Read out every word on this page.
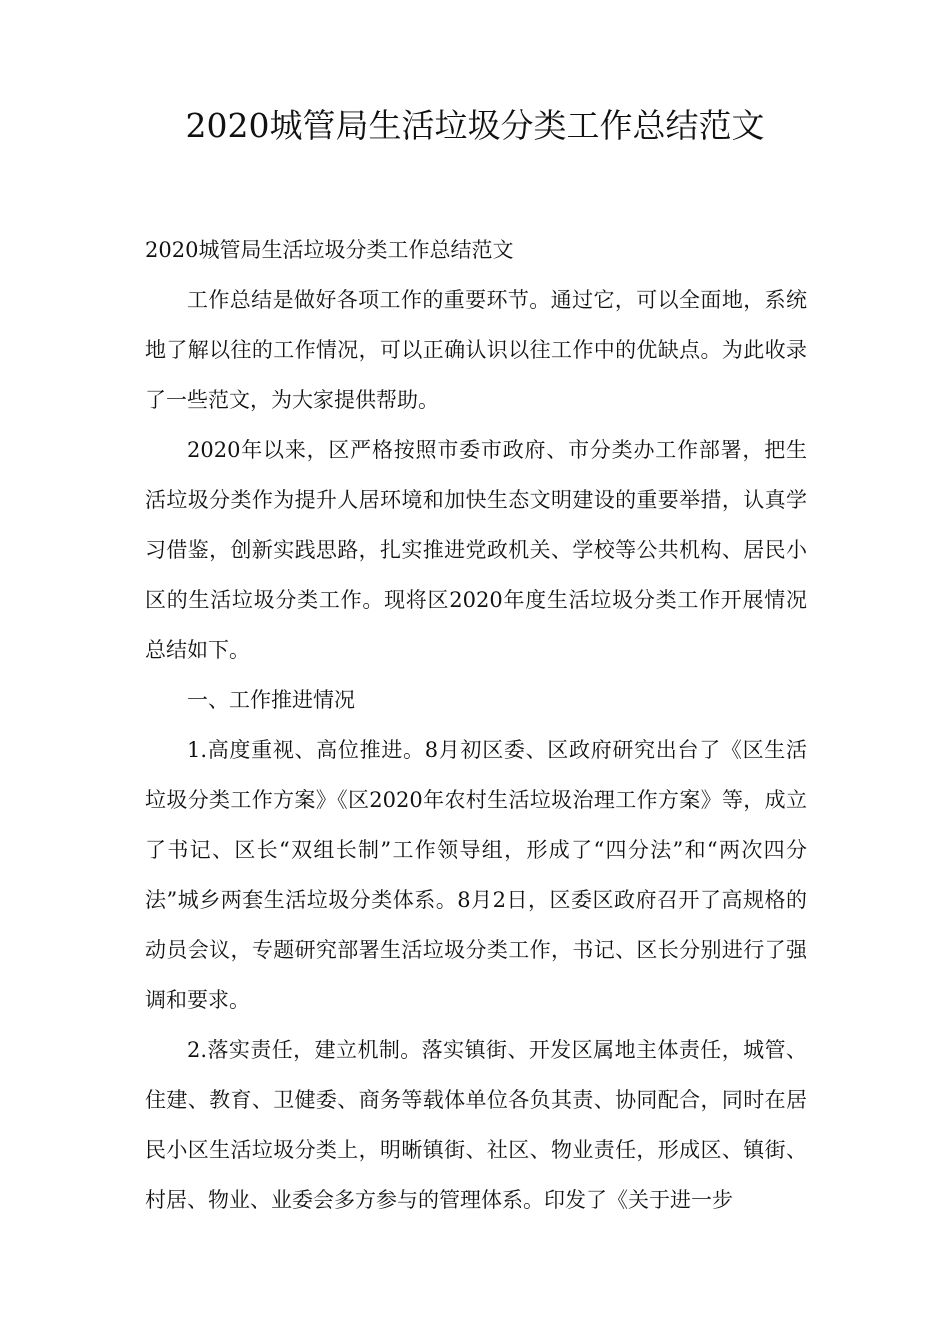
2020城管局生活垃圾分类工作总结范文

2020城管局生活垃圾分类工作总结范文

工作总结是做好各项工作的重要环节。通过它，可以全面地，系统地了解以往的工作情况，可以正确认识以往工作中的优缺点。为此收录了一些范文，为大家提供帮助。

2020年以来，区严格按照市委市政府、市分类办工作部署，把生活垃圾分类作为提升人居环境和加快生态文明建设的重要举措，认真学习借鉴，创新实践思路，扎实推进党政机关、学校等公共机构、居民小区的生活垃圾分类工作。现将区2020年度生活垃圾分类工作开展情况总结如下。

一、工作推进情况

1.高度重视、高位推进。8月初区委、区政府研究出台了《区生活垃圾分类工作方案》《区2020年农村生活垃圾治理工作方案》等，成立了书记、区长“双组长制”工作领导组，形成了“四分法”和“两次四分法”城乡两套生活垃圾分类体系。8月2日，区委区政府召开了高规格的动员会议，专题研究部署生活垃圾分类工作，书记、区长分别进行了强调和要求。

2.落实责任，建立机制。落实镇街、开发区属地主体责任，城管、住建、教育、卫健委、商务等载体单位各负其责、协同配合，同时在居民小区生活垃圾分类上，明晰镇街、社区、物业责任，形成区、镇街、村居、物业、业委会多方参与的管理体系。印发了《关于进一步
